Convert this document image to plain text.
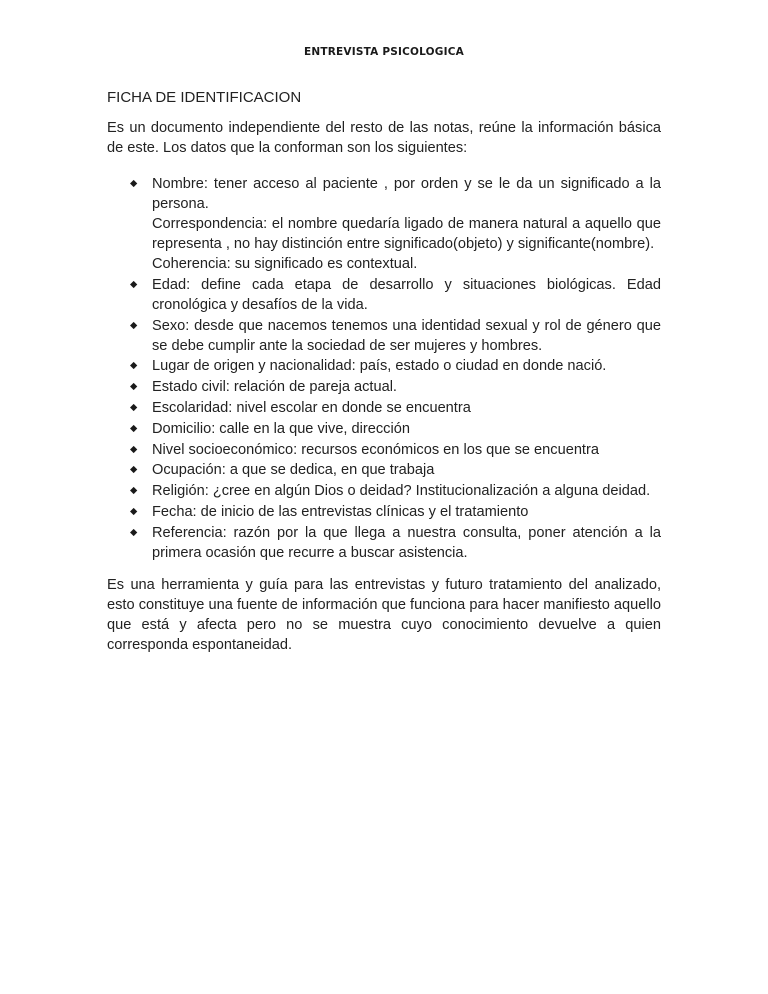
ENTREVISTA PSICOLOGICA
FICHA DE IDENTIFICACION

Es un documento independiente del resto de las notas, reúne la información básica de este. Los datos que la conforman son los siguientes:

◆ Nombre: tener acceso al paciente , por orden y se le da un significado a la persona.
Correspondencia: el nombre quedaría ligado de manera natural a aquello que representa , no hay distinción entre significado(objeto) y significante(nombre).
Coherencia: su significado es contextual.
◆ Edad: define cada etapa de desarrollo y situaciones biológicas. Edad cronológica y desafíos de la vida.
◆ Sexo: desde que nacemos tenemos una identidad sexual y rol de género que se debe cumplir ante la sociedad de ser mujeres y hombres.
◆ Lugar de origen y nacionalidad: país, estado o ciudad en donde nació.
◆ Estado civil: relación de pareja actual.
◆ Escolaridad: nivel escolar en donde se encuentra
◆ Domicilio: calle en la que vive, dirección
◆ Nivel socioeconómico: recursos económicos en los que se encuentra
◆ Ocupación: a que se dedica, en que trabaja
◆ Religión: ¿cree en algún Dios o deidad? Institucionalización a alguna deidad.
◆ Fecha: de inicio de las entrevistas clínicas y el tratamiento
◆ Referencia: razón por la que llega a nuestra consulta, poner atención a la primera ocasión que recurre a buscar asistencia.

Es una herramienta y guía para las entrevistas y futuro tratamiento del analizado, esto constituye una fuente de información que funciona para hacer manifiesto aquello que está y afecta pero no se muestra cuyo conocimiento devuelve a quien corresponda espontaneidad.
